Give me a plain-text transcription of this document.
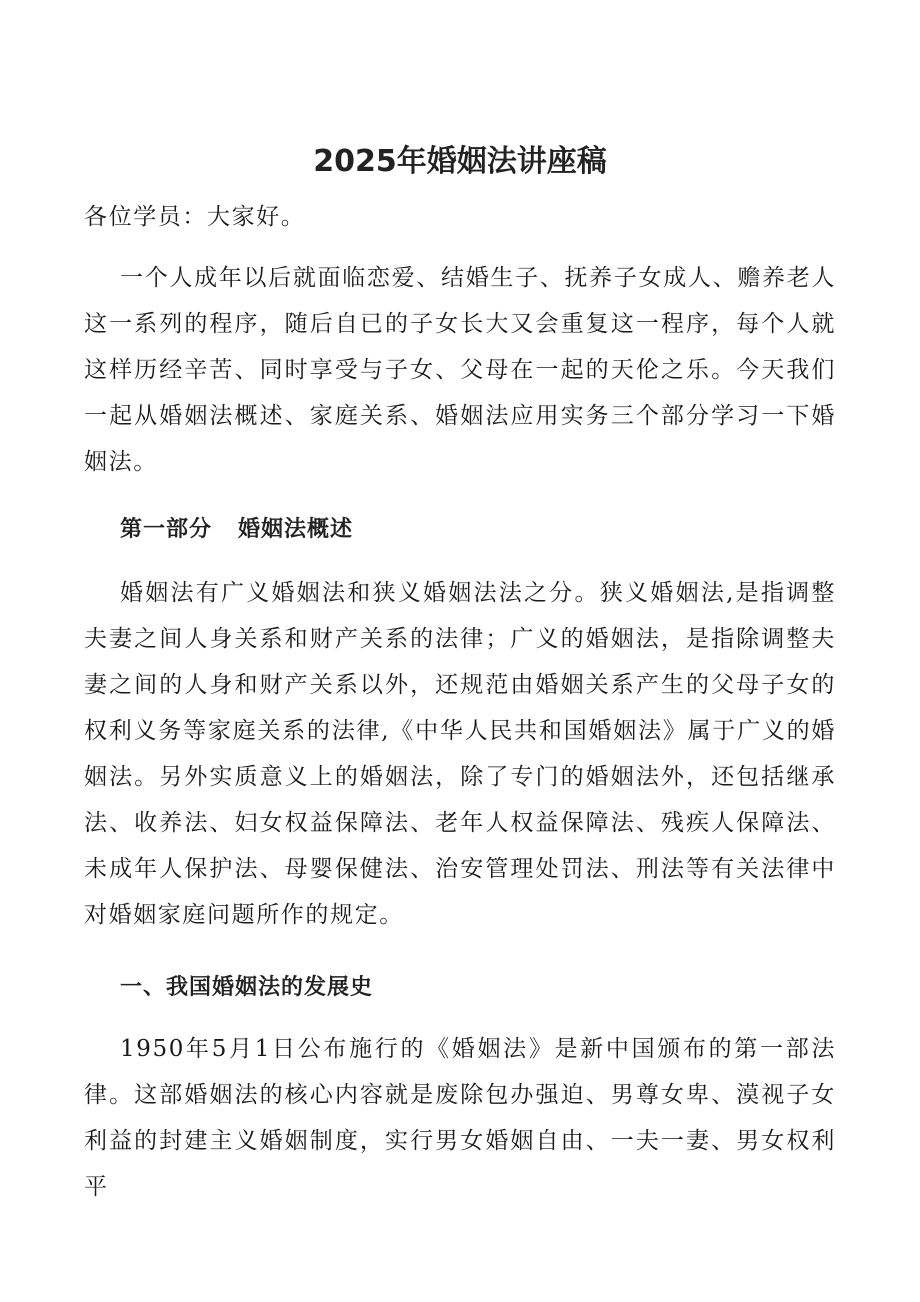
2025年婚姻法讲座稿

各位学员：大家好。

一个人成年以后就面临恋爱、结婚生子、抚养子女成人、赡养老人这一系列的程序，随后自已的子女长大又会重复这一程序，每个人就这样历经辛苦、同时享受与子女、父母在一起的天伦之乐。今天我们一起从婚姻法概述、家庭关系、婚姻法应用实务三个部分学习一下婚姻法。

第一部分   婚姻法概述

婚姻法有广义婚姻法和狭义婚姻法法之分。狭义婚姻法,是指调整夫妻之间人身关系和财产关系的法律；广义的婚姻法，是指除调整夫妻之间的人身和财产关系以外，还规范由婚姻关系产生的父母子女的权利义务等家庭关系的法律,《中华人民共和国婚姻法》属于广义的婚姻法。另外实质意义上的婚姻法，除了专门的婚姻法外，还包括继承法、收养法、妇女权益保障法、老年人权益保障法、残疾人保障法、未成年人保护法、母婴保健法、治安管理处罚法、刑法等有关法律中对婚姻家庭问题所作的规定。

一、我国婚姻法的发展史

1950年5月1日公布施行的《婚姻法》是新中国颁布的第一部法律。这部婚姻法的核心内容就是废除包办强迫、男尊女卑、漠视子女利益的封建主义婚姻制度，实行男女婚姻自由、一夫一妻、男女权利平
